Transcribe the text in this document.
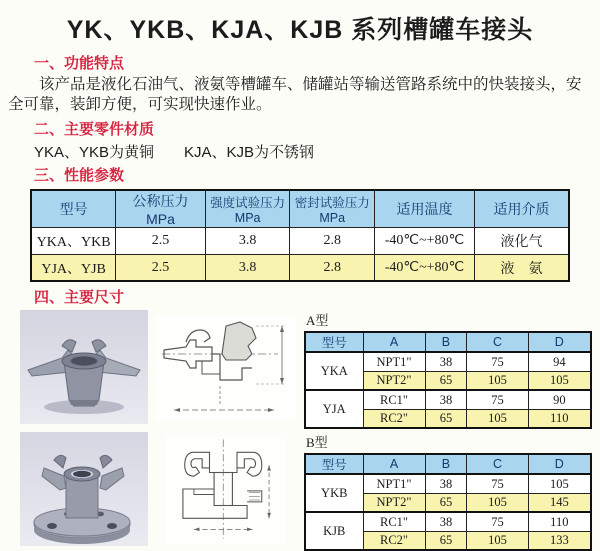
YK、YKB、KJA、KJB 系列槽罐车接头
一、功能特点
该产品是液化石油气、液氨等槽罐车、储罐站等输送管路系统中的快装接头，安全可靠，装卸方便，可实现快速作业。
二、主要零件材质
YKA、YKB为黄铜　　KJA、KJB为不锈钢
三、性能参数
型号	公称压力 MPa	强度试验压力MPa	密封试验压力MPa	适用温度	适用介质
YKA、YKB	2.5	3.8	2.8	-40℃~+80℃	液化气
YJA、YJB	2.5	3.8	2.8	-40℃~+80℃	液　氨
四、主要尺寸
A型
型号	A	B	C	D
YKA	NPT1"	38	75	94
	NPT2"	65	105	105
YJA	RC1"	38	75	90
	RC2"	65	105	110
B型
型号	A	B	C	D
YKB	NPT1"	38	75	105
	NPT2"	65	105	145
KJB	RC1"	38	75	110
	RC2"	65	105	133
